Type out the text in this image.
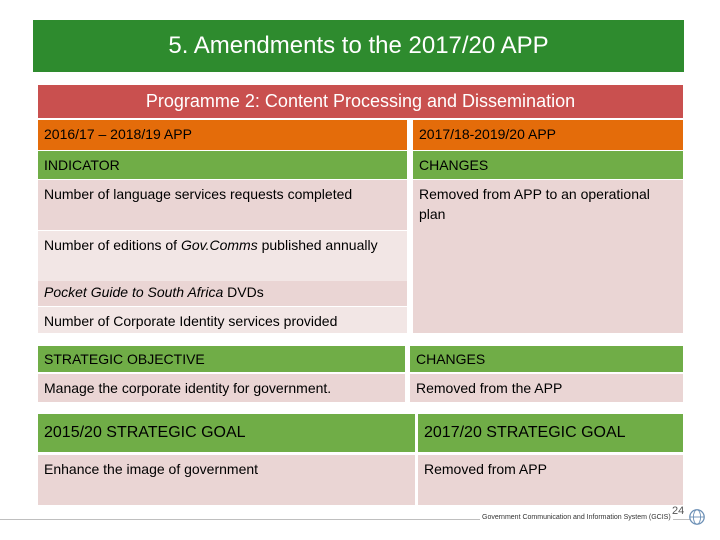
5. Amendments to the 2017/20 APP
Programme 2: Content Processing and Dissemination
2016/17 – 2018/19 APP	2017/18-2019/20 APP
INDICATOR	CHANGES
Number of language services requests completed	Removed from APP to an operational plan
Number of editions of Gov.Comms published annually
Pocket Guide to South Africa DVDs
Number of Corporate Identity services provided
STRATEGIC OBJECTIVE	CHANGES
Manage the corporate identity for government.	Removed from the APP
2015/20 STRATEGIC GOAL	2017/20 STRATEGIC GOAL
Enhance the image of government	Removed from APP
Government Communication and Information System (GCIS)
24
